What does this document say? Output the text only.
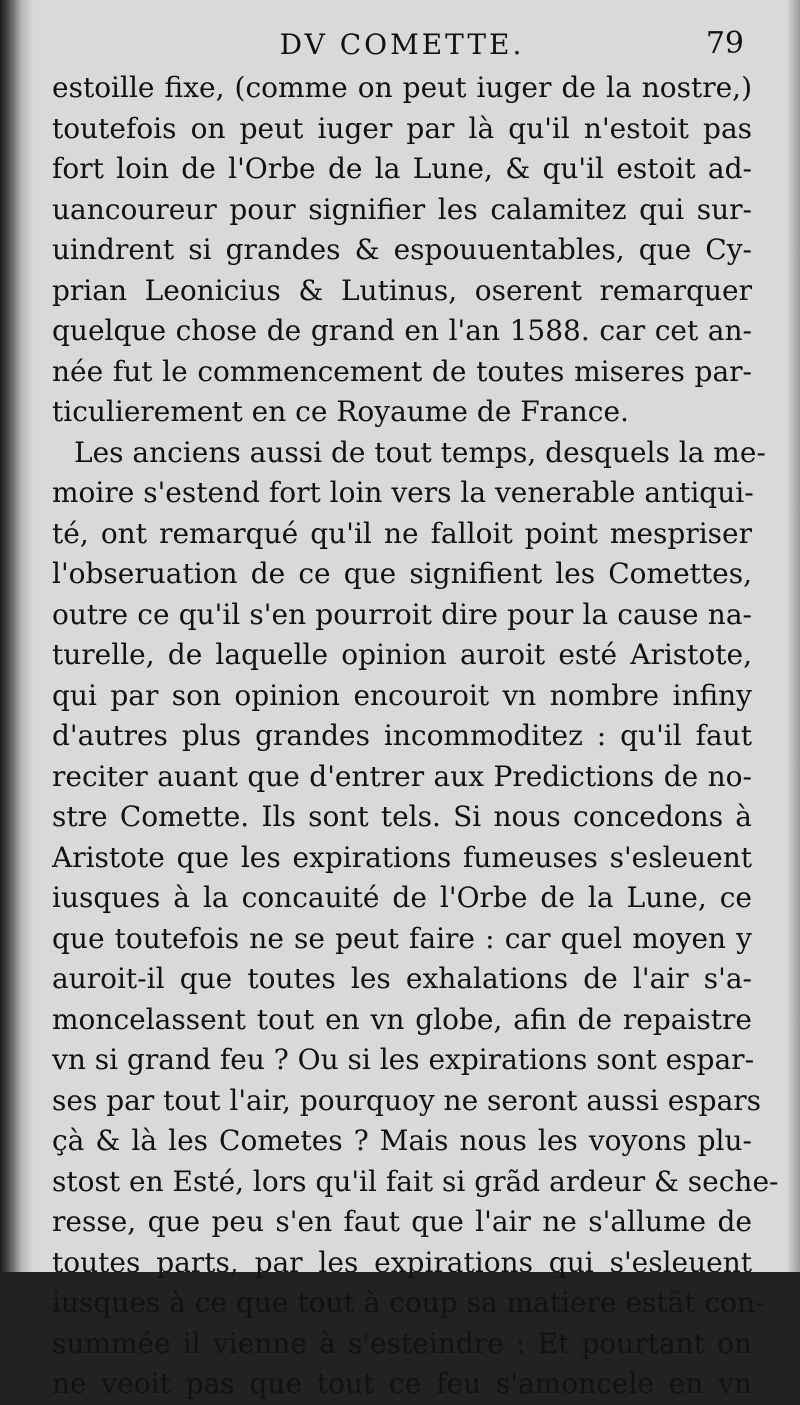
DV COMETTE.	79
estoille fixe, (comme on peut iuger de la nostre,)
toutefois on peut iuger par là qu'il n'estoit pas
fort loin de l'Orbe de la Lune, & qu'il estoit ad-
uancoureur pour signifier les calamitez qui sur-
uindrent si grandes & espouuentables, que Cy-
prian Leonicius & Lutinus, oserent remarquer
quelque chose de grand en l'an 1588. car cet an-
née fut le commencement de toutes miseres par-
ticulierement en ce Royaume de France.
Les anciens aussi de tout temps, desquels la me-
moire s'estend fort loin vers la venerable antiqui-
té, ont remarqué qu'il ne falloit point mespriser
l'obseruation de ce que signifient les Comettes,
outre ce qu'il s'en pourroit dire pour la cause na-
turelle, de laquelle opinion auroit esté Aristote,
qui par son opinion encouroit vn nombre infiny
d'autres plus grandes incommoditez : qu'il faut
reciter auant que d'entrer aux Predictions de no-
stre Comette. Ils sont tels. Si nous concedons à
Aristote que les expirations fumeuses s'esleuent
iusques à la concauité de l'Orbe de la Lune, ce
que toutefois ne se peut faire : car quel moyen y
auroit-il que toutes les exhalations de l'air s'a-
moncelassent tout en vn globe, afin de repaistre
vn si grand feu ? Ou si les expirations sont espar-
ses par tout l'air, pourquoy ne seront aussi espars
çà & là les Cometes ? Mais nous les voyons plu-
stost en Esté, lors qu'il fait si grãd ardeur & seche-
resse, que peu s'en faut que l'air ne s'allume de
toutes parts, par les expirations qui s'esleuent
iusques à ce que tout à coup sa matiere estãt con-
summée il vienne à s'esteindre : Et pourtant on
ne veoit pas que tout ce feu s'amoncele en vn
